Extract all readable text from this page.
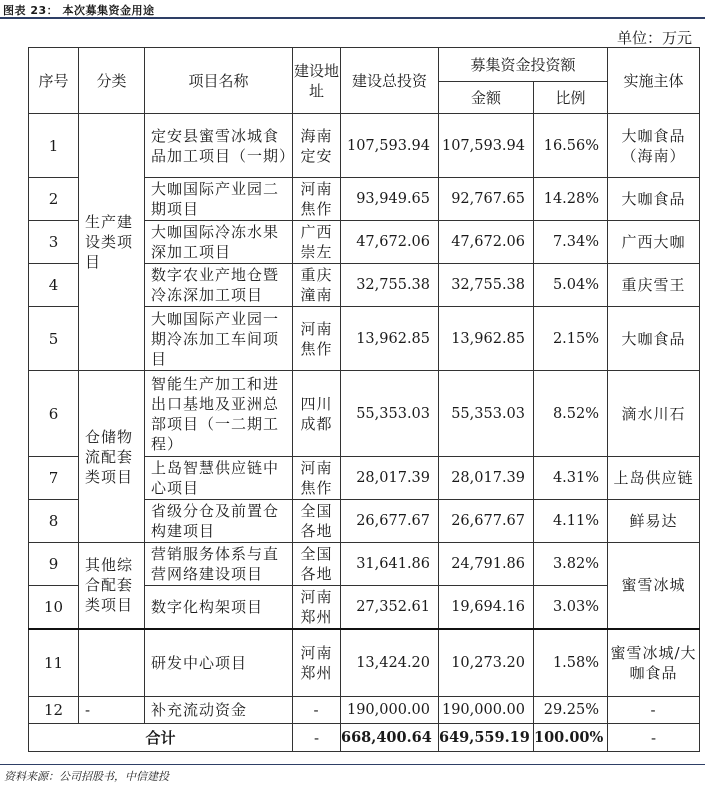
图表 23： 本次募集资金用途
单位：万元
序号	分类	项目名称	建设地址	建设总投资	募集资金投资额		实施主体
					金额	比例	
1	生产建设类项目	定安县蜜雪冰城食品加工项目（一期）	海南定安	107,593.94	107,593.94	16.56%	大咖食品（海南）
2		大咖国际产业园二期项目	河南焦作	93,949.65	92,767.65	14.28%	大咖食品
3		大咖国际冷冻水果深加工项目	广西崇左	47,672.06	47,672.06	7.34%	广西大咖
4		数字农业产地仓暨冷冻深加工项目	重庆潼南	32,755.38	32,755.38	5.04%	重庆雪王
5		大咖国际产业园一期冷冻加工车间项目	河南焦作	13,962.85	13,962.85	2.15%	大咖食品
6	仓储物流配套类项目	智能生产加工和进出口基地及亚洲总部项目（一二期工程）	四川成都	55,353.03	55,353.03	8.52%	滴水川石
7		上岛智慧供应链中心项目	河南焦作	28,017.39	28,017.39	4.31%	上岛供应链
8		省级分仓及前置仓构建项目	全国各地	26,677.67	26,677.67	4.11%	鲜易达
9	其他综合配套类项目	营销服务体系与直营网络建设项目	全国各地	31,641.86	24,791.86	3.82%	蜜雪冰城
10		数字化构架项目	河南郑州	27,352.61	19,694.16	3.03%	
11		研发中心项目	河南郑州	13,424.20	10,273.20	1.58%	蜜雪冰城/大咖食品
12	-	补充流动资金	-	190,000.00	190,000.00	29.25%	-
合计			-	668,400.64	649,559.19	100.00%	-
资料来源：公司招股书，中信建投
